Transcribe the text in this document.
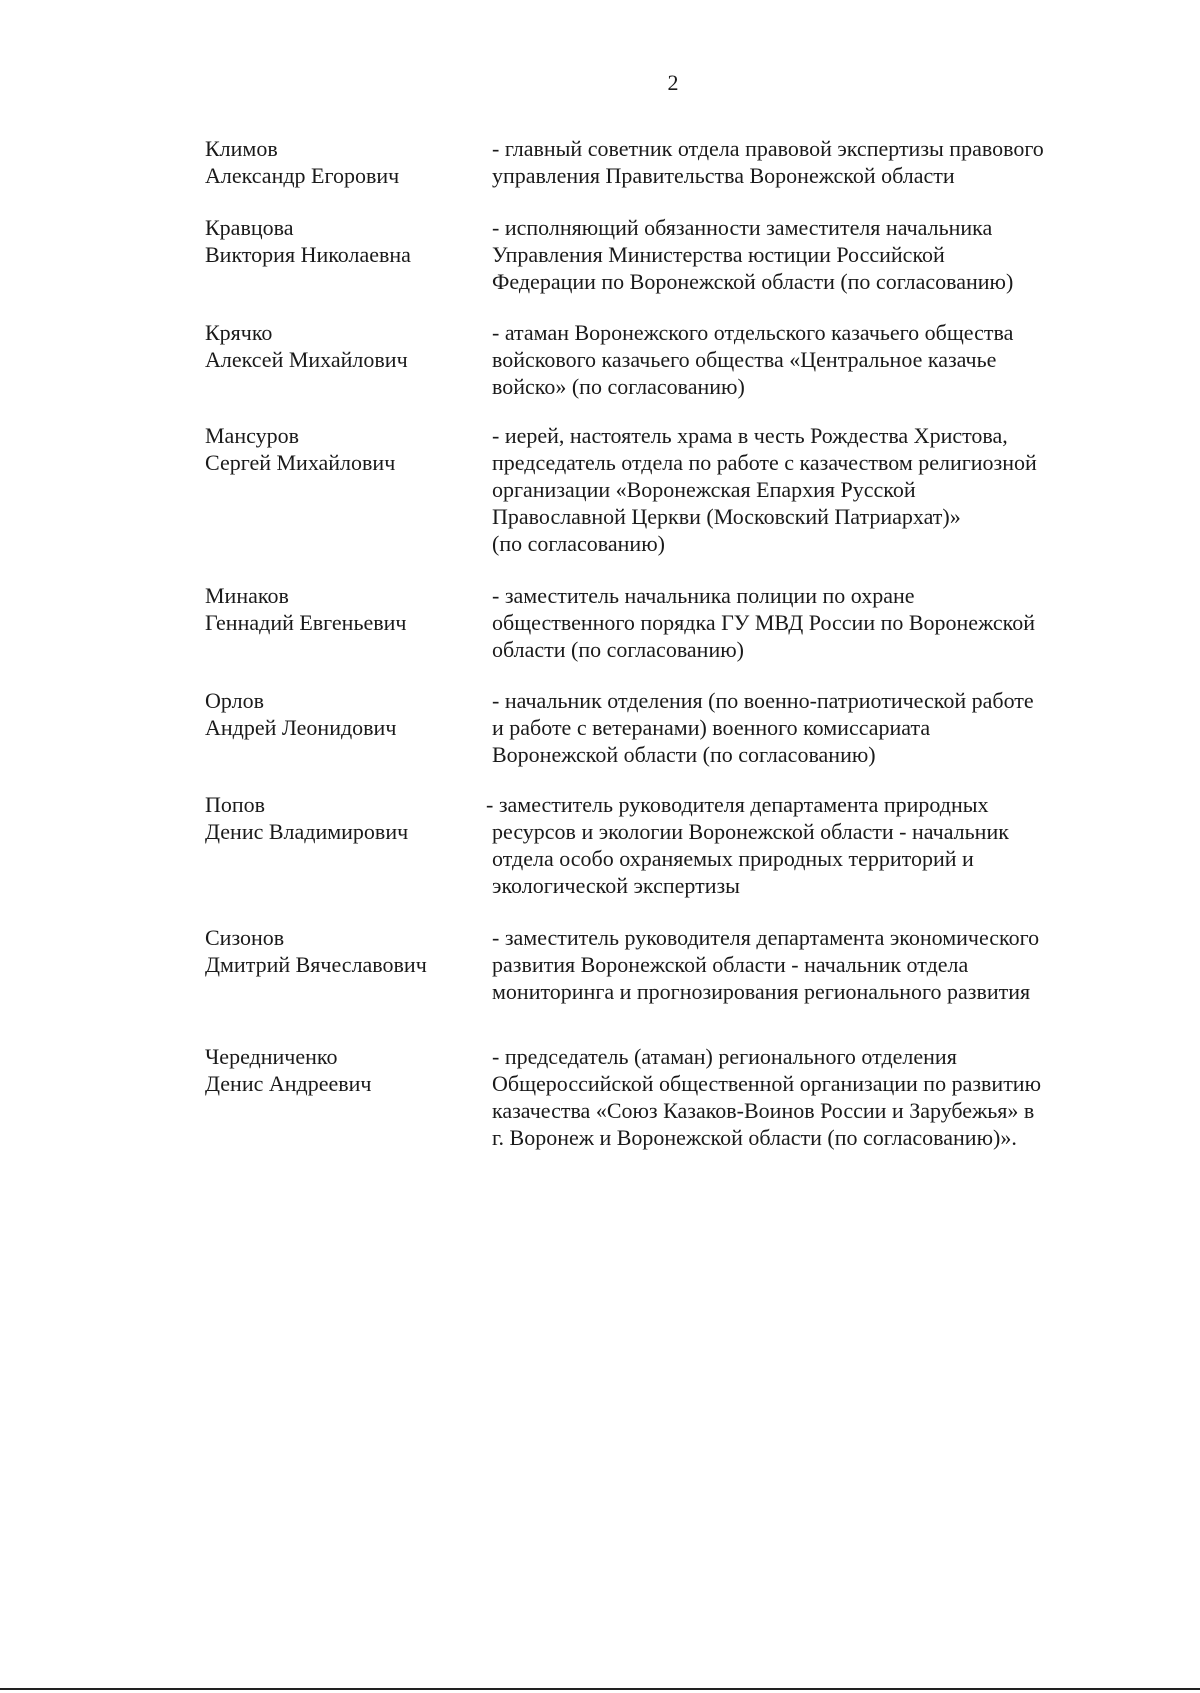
2
Климов
Александр Егорович
- главный советник отдела правовой экспертизы правового
управления Правительства Воронежской области
Кравцова
Виктория Николаевна
- исполняющий обязанности заместителя начальника
Управления Министерства юстиции Российской
Федерации по Воронежской области (по согласованию)
Крячко
Алексей Михайлович
- атаман Воронежского отдельского казачьего общества
войскового казачьего общества «Центральное казачье
войско» (по согласованию)
Мансуров
Сергей Михайлович
- иерей, настоятель храма в честь Рождества Христова,
председатель отдела по работе с казачеством религиозной
организации «Воронежская Епархия Русской
Православной Церкви (Московский Патриархат)»
(по согласованию)
Минаков
Геннадий Евгеньевич
- заместитель начальника полиции по охране
общественного порядка ГУ МВД России по Воронежской
области (по согласованию)
Орлов
Андрей Леонидович
- начальник отделения (по военно-патриотической работе
и работе с ветеранами) военного комиссариата
Воронежской области (по согласованию)
Попов
Денис Владимирович
- заместитель руководителя департамента природных
ресурсов и экологии Воронежской области - начальник
отдела особо охраняемых природных территорий и
экологической экспертизы
Сизонов
Дмитрий Вячеславович
- заместитель руководителя департамента экономического
развития Воронежской области - начальник отдела
мониторинга и прогнозирования регионального развития
Чередниченко
Денис Андреевич
- председатель (атаман) регионального отделения
Общероссийской общественной организации по развитию
казачества «Союз Казаков-Воинов России и Зарубежья» в
г. Воронеж и Воронежской области (по согласованию)».
